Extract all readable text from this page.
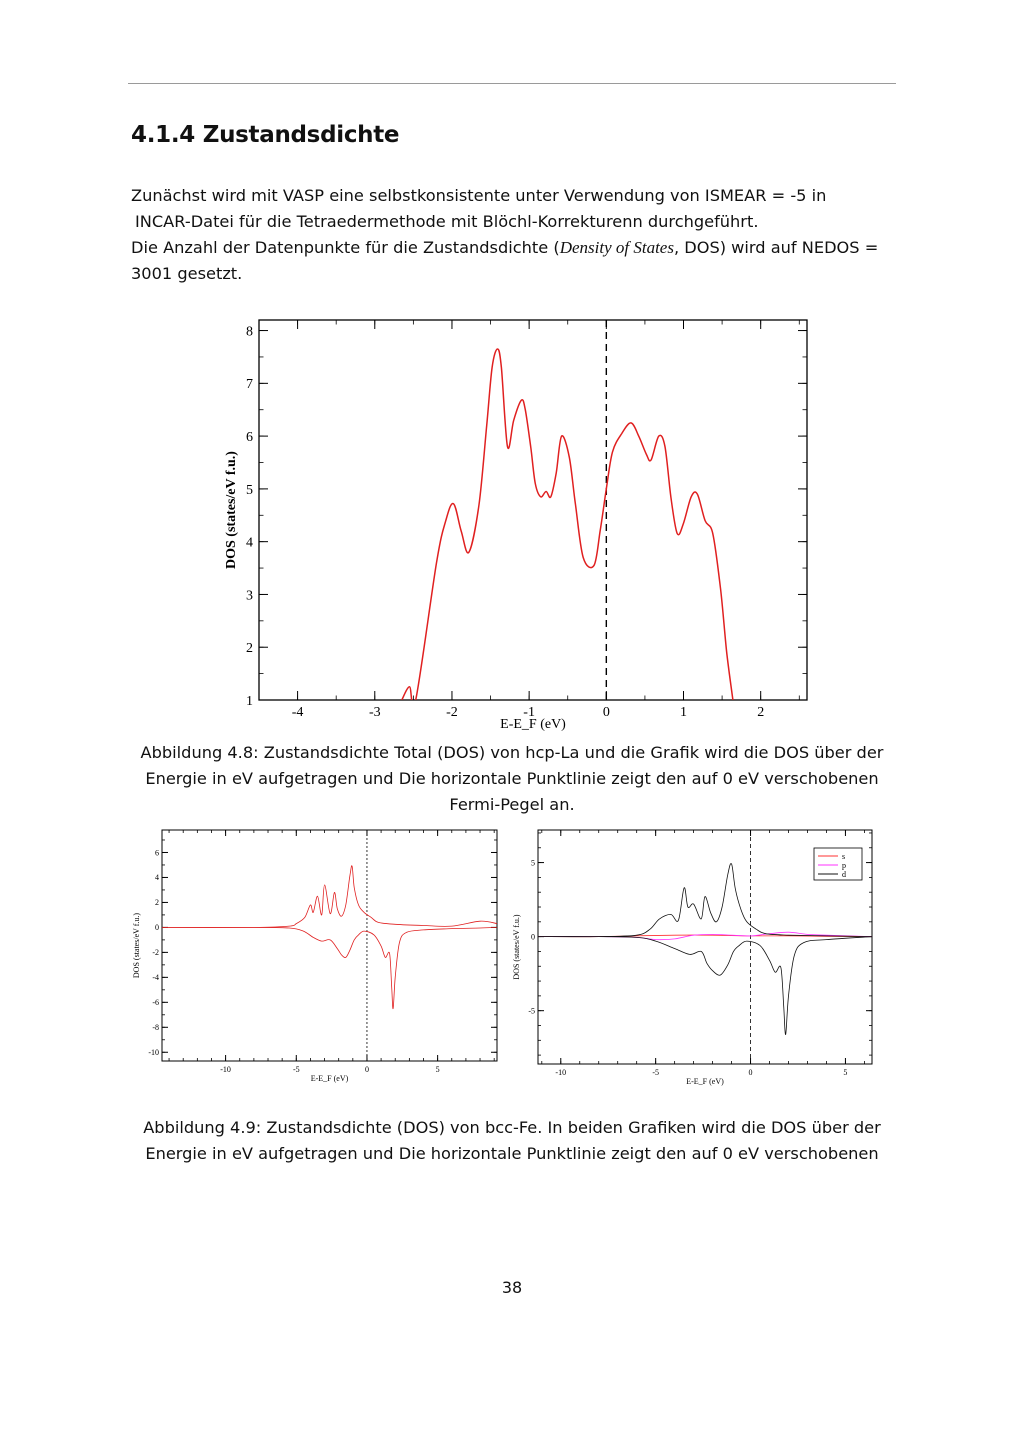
4.1.4 Zustandsdichte

Zunächst wird mit VASP eine selbstkonsistente unter Verwendung von ISMEAR = -5 in

INCAR-Datei für die Tetraedermethode mit Blöchl-Korrekturenn durchgeführt.

Die Anzahl der Datenpunkte für die Zustandsdichte (Density of States, DOS) wird auf NEDOS =

3001 gesetzt.

-4	-3	-2	-1	0	1	2
1
2
3
4
5
6
7
8
E-E_F (eV)
DOS (states/eV f.u.)

Abbildung 4.8: Zustandsdichte Total (DOS) von hcp-La und die Grafik wird die DOS über der

Energie in eV aufgetragen und Die horizontale Punktlinie zeigt den auf 0 eV verschobenen

Fermi-Pegel an.

-10	-5	0	5
6
4
2
0
-2
-4
-6
-8
-10
E-E_F (eV)
DOS (states/eV f.u.)
-10	-5	0	5
5
0
-5
E-E_F (eV)
DOS (states/eV f.u.)
s
p
d

Abbildung 4.9: Zustandsdichte (DOS) von bcc-Fe. In beiden Grafiken wird die DOS über der

Energie in eV aufgetragen und Die horizontale Punktlinie zeigt den auf 0 eV verschobenen

38
